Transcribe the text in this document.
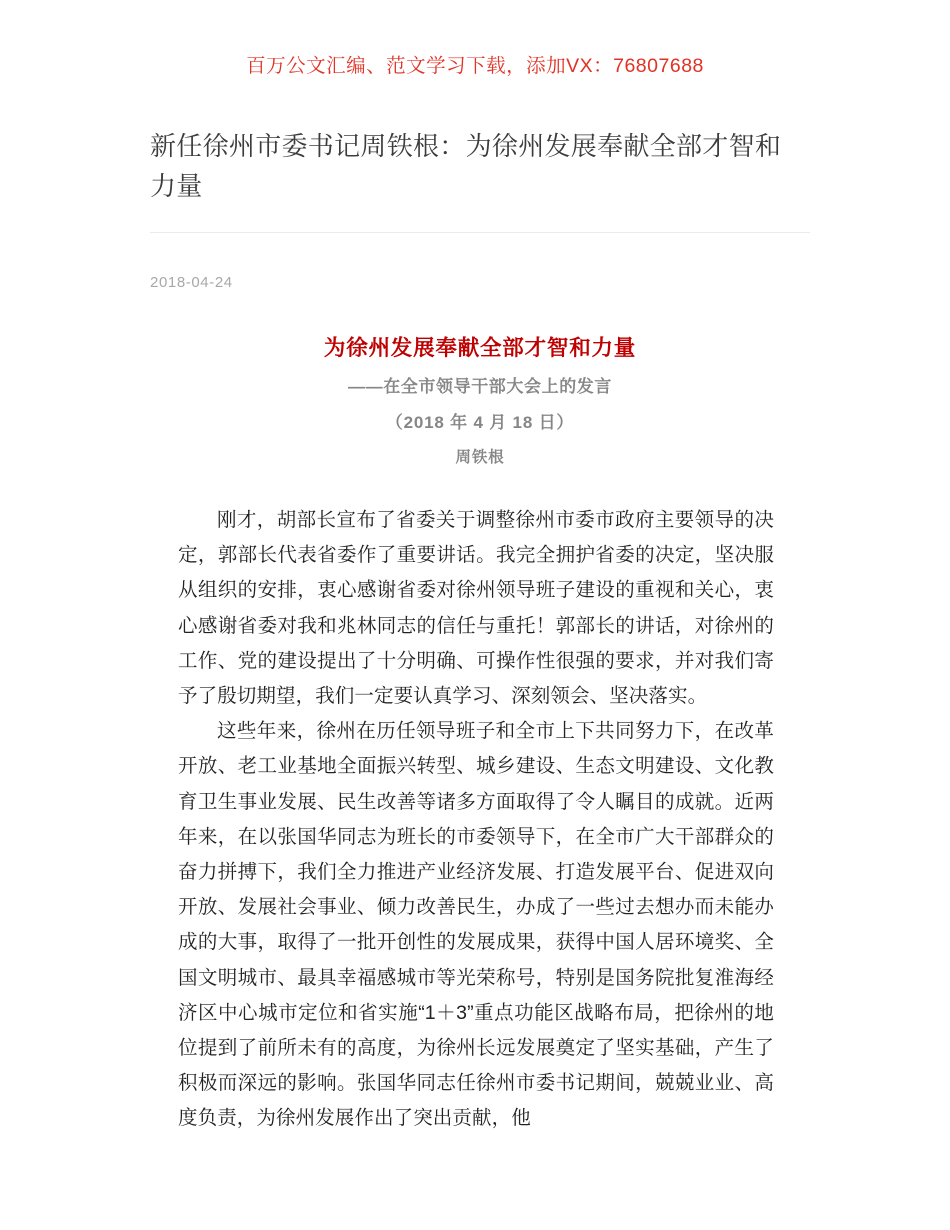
百万公文汇编、范文学习下载，添加VX：76807688
新任徐州市委书记周铁根：为徐州发展奉献全部才智和力量
2018-04-24
为徐州发展奉献全部才智和力量
——在全市领导干部大会上的发言
（2018 年 4 月 18 日）
周铁根

刚才，胡部长宣布了省委关于调整徐州市委市政府主要领导的决定，郭部长代表省委作了重要讲话。我完全拥护省委的决定，坚决服从组织的安排，衷心感谢省委对徐州领导班子建设的重视和关心，衷心感谢省委对我和兆林同志的信任与重托！郭部长的讲话，对徐州的工作、党的建设提出了十分明确、可操作性很强的要求，并对我们寄予了殷切期望，我们一定要认真学习、深刻领会、坚决落实。

这些年来，徐州在历任领导班子和全市上下共同努力下，在改革开放、老工业基地全面振兴转型、城乡建设、生态文明建设、文化教育卫生事业发展、民生改善等诸多方面取得了令人瞩目的成就。近两年来，在以张国华同志为班长的市委领导下，在全市广大干部群众的奋力拼搏下，我们全力推进产业经济发展、打造发展平台、促进双向开放、发展社会事业、倾力改善民生，办成了一些过去想办而未能办成的大事，取得了一批开创性的发展成果，获得中国人居环境奖、全国文明城市、最具幸福感城市等光荣称号，特别是国务院批复淮海经济区中心城市定位和省实施“1＋3”重点功能区战略布局，把徐州的地位提到了前所未有的高度，为徐州长远发展奠定了坚实基础，产生了积极而深远的影响。张国华同志任徐州市委书记期间，兢兢业业、高度负责，为徐州发展作出了突出贡献，他
